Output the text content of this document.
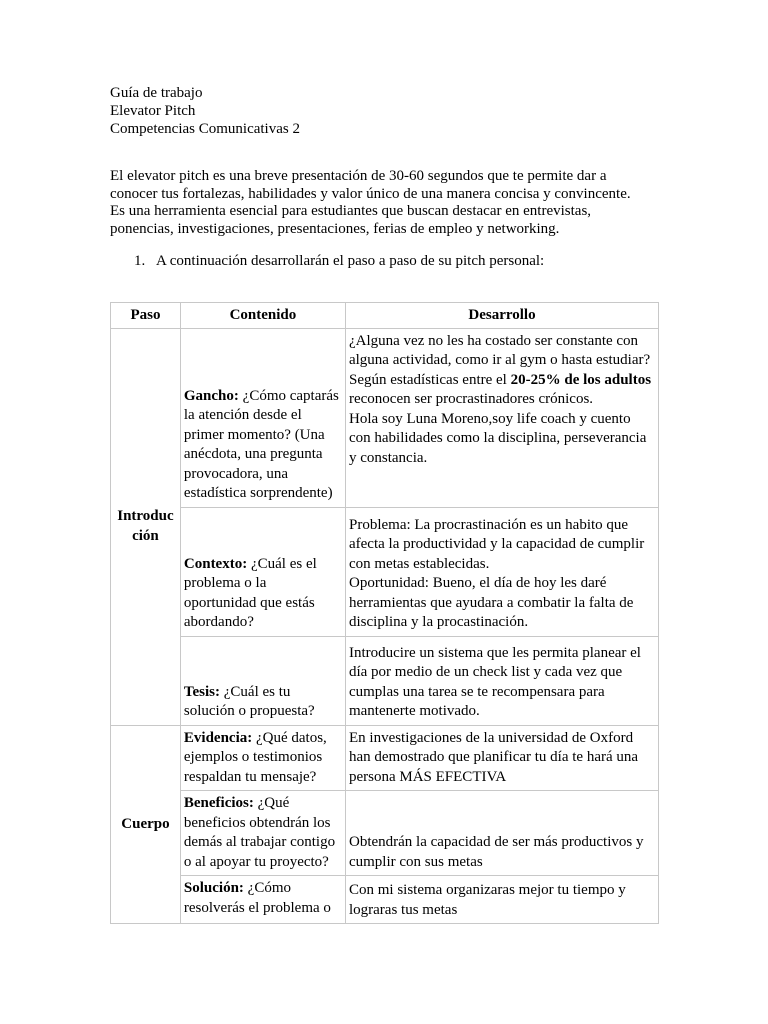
Guía de trabajo
Elevator Pitch
Competencias Comunicativas 2
El elevator pitch es una breve presentación de 30-60 segundos que te permite dar a
conocer tus fortalezas, habilidades y valor único de una manera concisa y convincente.
Es una herramienta esencial para estudiantes que buscan destacar en entrevistas,
ponencias, investigaciones, presentaciones, ferias de empleo y networking.
1. A continuación desarrollarán el paso a paso de su pitch personal:
Paso	Contenido	Desarrollo
Introducción	Gancho: ¿Cómo captarás la atención desde el primer momento? (Una anécdota, una pregunta provocadora, una estadística sorprendente)	¿Alguna vez no les ha costado ser constante con alguna actividad, como ir al gym o hasta estudiar? Según estadísticas entre el 20-25% de los adultos reconocen ser procrastinadores crónicos.
Hola soy Luna Moreno,soy life coach y cuento con habilidades como la disciplina, perseverancia y constancia.
	Contexto: ¿Cuál es el problema o la oportunidad que estás abordando?	Problema: La procrastinación es un habito que afecta la productividad y la capacidad de cumplir con metas establecidas.
Oportunidad: Bueno, el día de hoy les daré herramientas que ayudara a combatir la falta de disciplina y la procastinación.
	Tesis: ¿Cuál es tu solución o propuesta?	Introducire un sistema que les permita planear el día por medio de un check list y cada vez que cumplas una tarea se te recompensara para mantenerte motivado.
Cuerpo	Evidencia: ¿Qué datos, ejemplos o testimonios respaldan tu mensaje?	En investigaciones de la universidad de Oxford han demostrado que planificar tu día te hará una persona MÁS EFECTIVA
	Beneficios: ¿Qué beneficios obtendrán los demás al trabajar contigo o al apoyar tu proyecto?	Obtendrán la capacidad de ser más productivos y cumplir con sus metas
	Solución: ¿Cómo resolverás el problema o	Con mi sistema organizaras mejor tu tiempo y lograras tus metas
